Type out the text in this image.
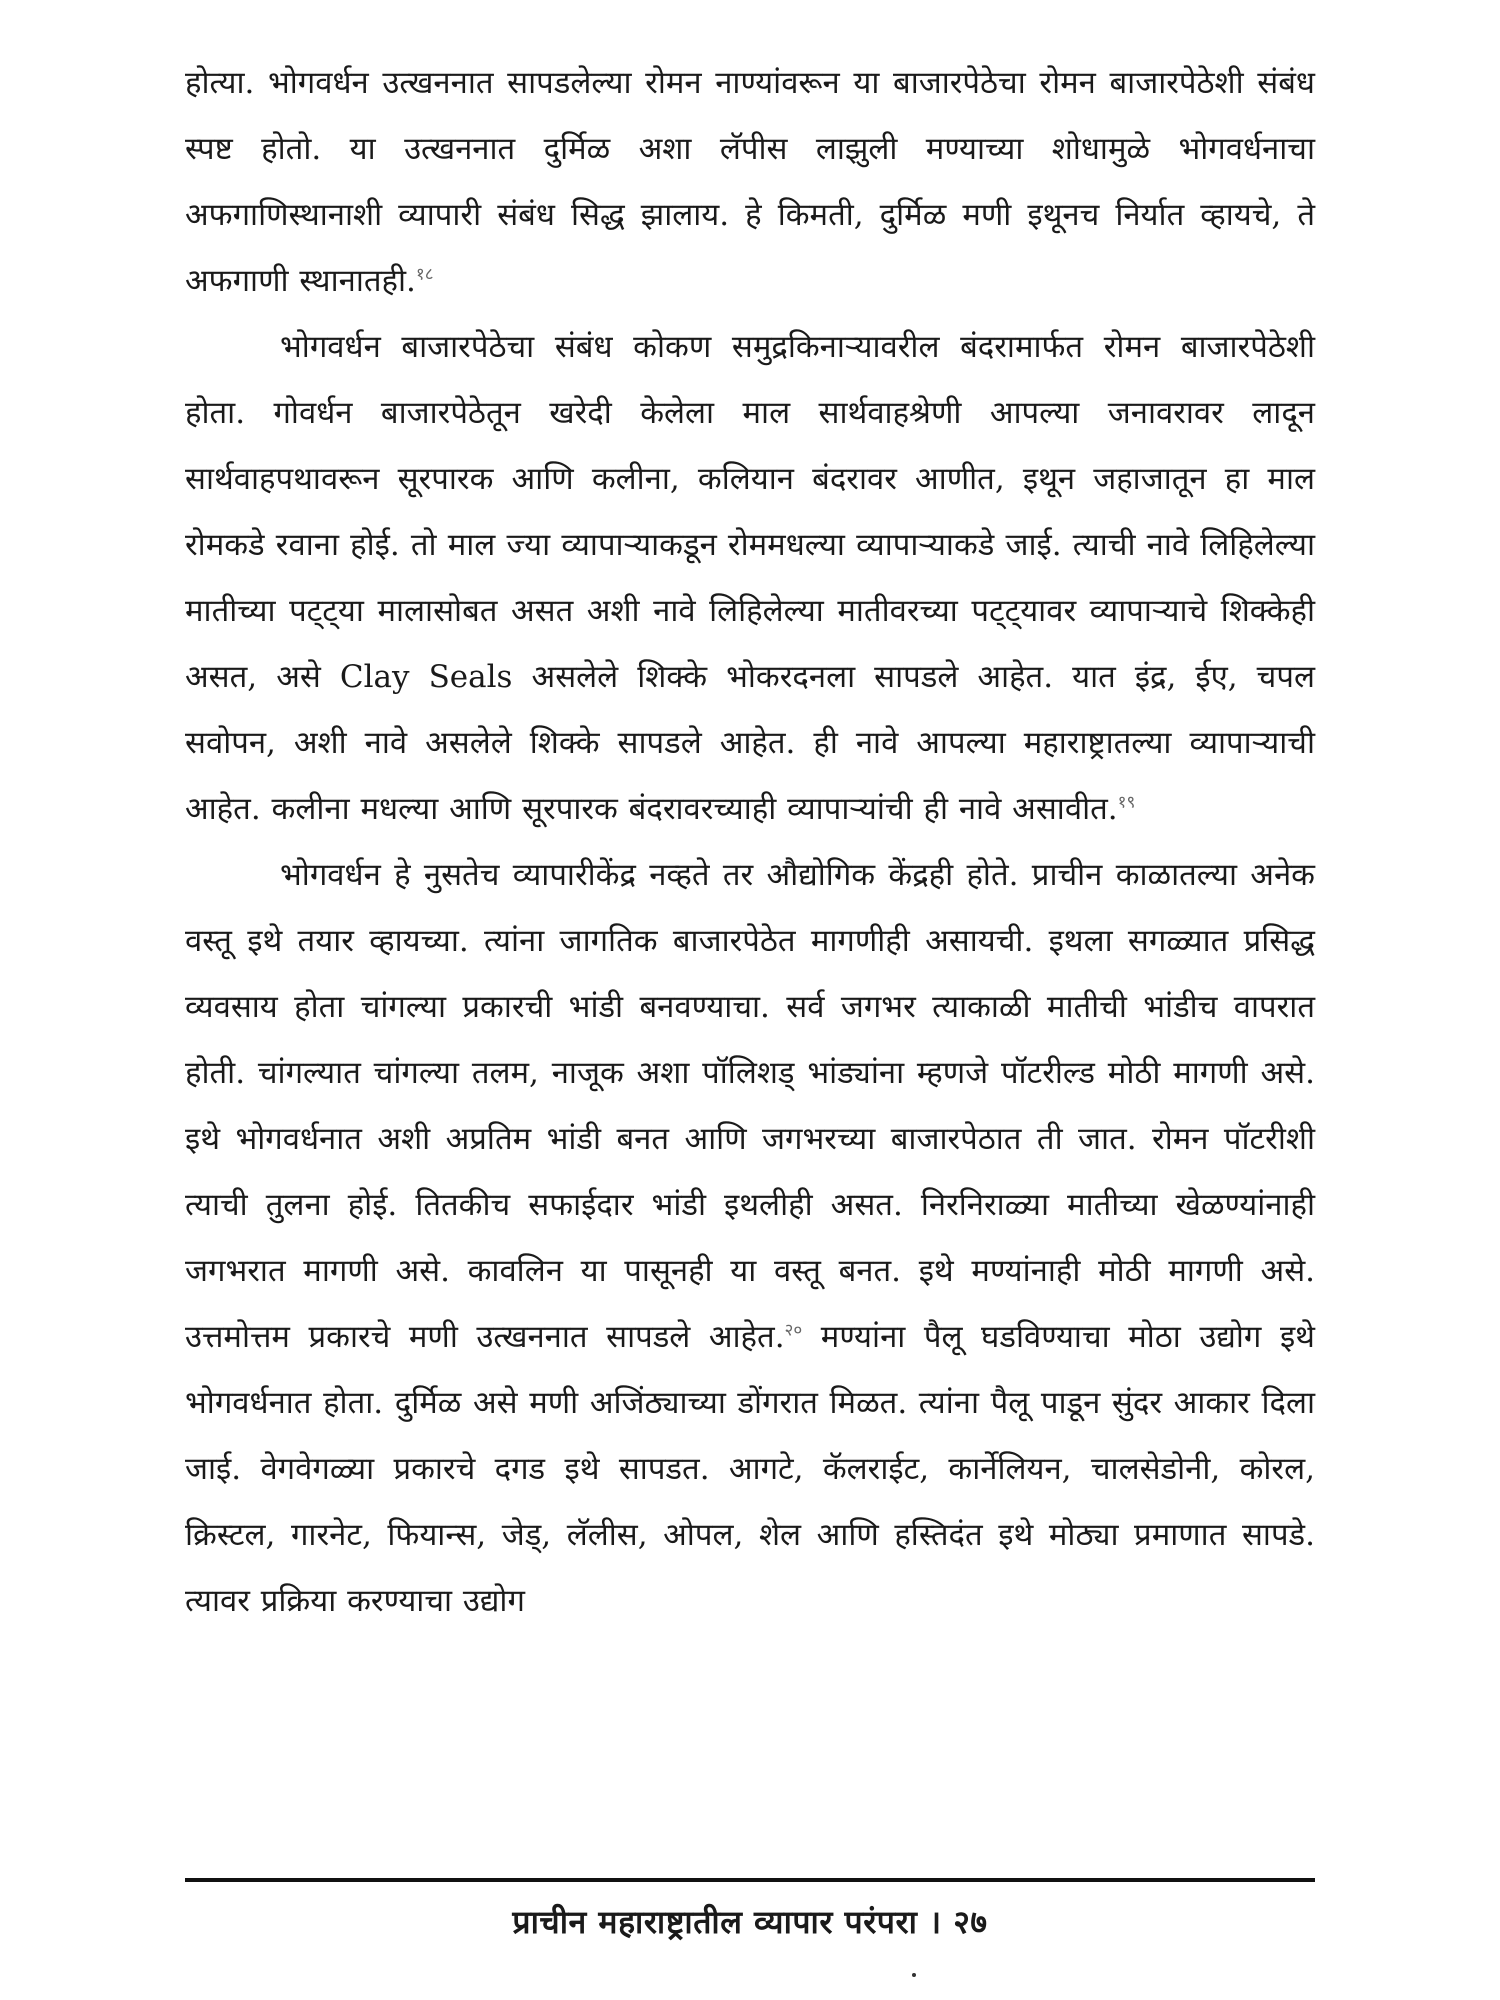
होत्या. भोगवर्धन उत्खननात सापडलेल्या रोमन नाण्यांवरून या बाजारपेठेचा रोमन बाजारपेठेशी संबंध स्पष्ट होतो. या उत्खननात दुर्मिळ अशा लॅपीस लाझुली मण्याच्या शोधामुळे भोगवर्धनाचा अफगाणिस्थानाशी व्यापारी संबंध सिद्ध झालाय. हे किमती, दुर्मिळ मणी इथूनच निर्यात व्हायचे, ते अफगाणी स्थानातही.$^{१८}$

भोगवर्धन बाजारपेठेचा संबंध कोकण समुद्रकिनाऱ्यावरील बंदरामार्फत रोमन बाजारपेठेशी होता. गोवर्धन बाजारपेठेतून खरेदी केलेला माल सार्थवाहश्रेणी आपल्या जनावरावर लादून सार्थवाहपथावरून सूरपारक आणि कलीना, कलियान बंदरावर आणीत, इथून जहाजातून हा माल रोमकडे रवाना होई. तो माल ज्या व्यापाऱ्याकडून रोममधल्या व्यापाऱ्याकडे जाई. त्याची नावे लिहिलेल्या मातीच्या पट्ट्या मालासोबत असत अशी नावे लिहिलेल्या मातीवरच्या पट्ट्यावर व्यापाऱ्याचे शिक्केही असत, असे Clay Seals असलेले शिक्के भोकरदनला सापडले आहेत. यात इंद्र, ईए, चपल सवोपन, अशी नावे असलेले शिक्के सापडले आहेत. ही नावे आपल्या महाराष्ट्रातल्या व्यापाऱ्याची आहेत. कलीना मधल्या आणि सूरपारक बंदरावरच्याही व्यापाऱ्यांची ही नावे असावीत.$^{१९}$

भोगवर्धन हे नुसतेच व्यापारीकेंद्र नव्हते तर औद्योगिक केंद्रही होते. प्राचीन काळातल्या अनेक वस्तू इथे तयार व्हायच्या. त्यांना जागतिक बाजारपेठेत मागणीही असायची. इथला सगळ्यात प्रसिद्ध व्यवसाय होता चांगल्या प्रकारची भांडी बनवण्याचा. सर्व जगभर त्याकाळी मातीची भांडीच वापरात होती. चांगल्यात चांगल्या तलम, नाजूक अशा पॉलिशड् भांड्यांना म्हणजे पॉटरील्ड मोठी मागणी असे. इथे भोगवर्धनात अशी अप्रतिम भांडी बनत आणि जगभरच्या बाजारपेठात ती जात. रोमन पॉटरीशी त्याची तुलना होई. तितकीच सफाईदार भांडी इथलीही असत. निरनिराळ्या मातीच्या खेळण्यांनाही जगभरात मागणी असे. कावलिन या पासूनही या वस्तू बनत. इथे मण्यांनाही मोठी मागणी असे. उत्तमोत्तम प्रकारचे मणी उत्खननात सापडले आहेत.$^{२०}$ मण्यांना पैलू घडविण्याचा मोठा उद्योग इथे भोगवर्धनात होता. दुर्मिळ असे मणी अजिंठ्याच्या डोंगरात मिळत. त्यांना पैलू पाडून सुंदर आकार दिला जाई. वेगवेगळ्या प्रकारचे दगड इथे सापडत. आगटे, कॅलराईट, कार्नेलियन, चालसेडोनी, कोरल, क्रिस्टल, गारनेट, फियान्स, जेड्, लॅलीस, ओपल, शेल आणि हस्तिदंत इथे मोठ्या प्रमाणात सापडे. त्यावर प्रक्रिया करण्याचा उद्योग

प्राचीन महाराष्ट्रातील व्यापार परंपरा । २७
